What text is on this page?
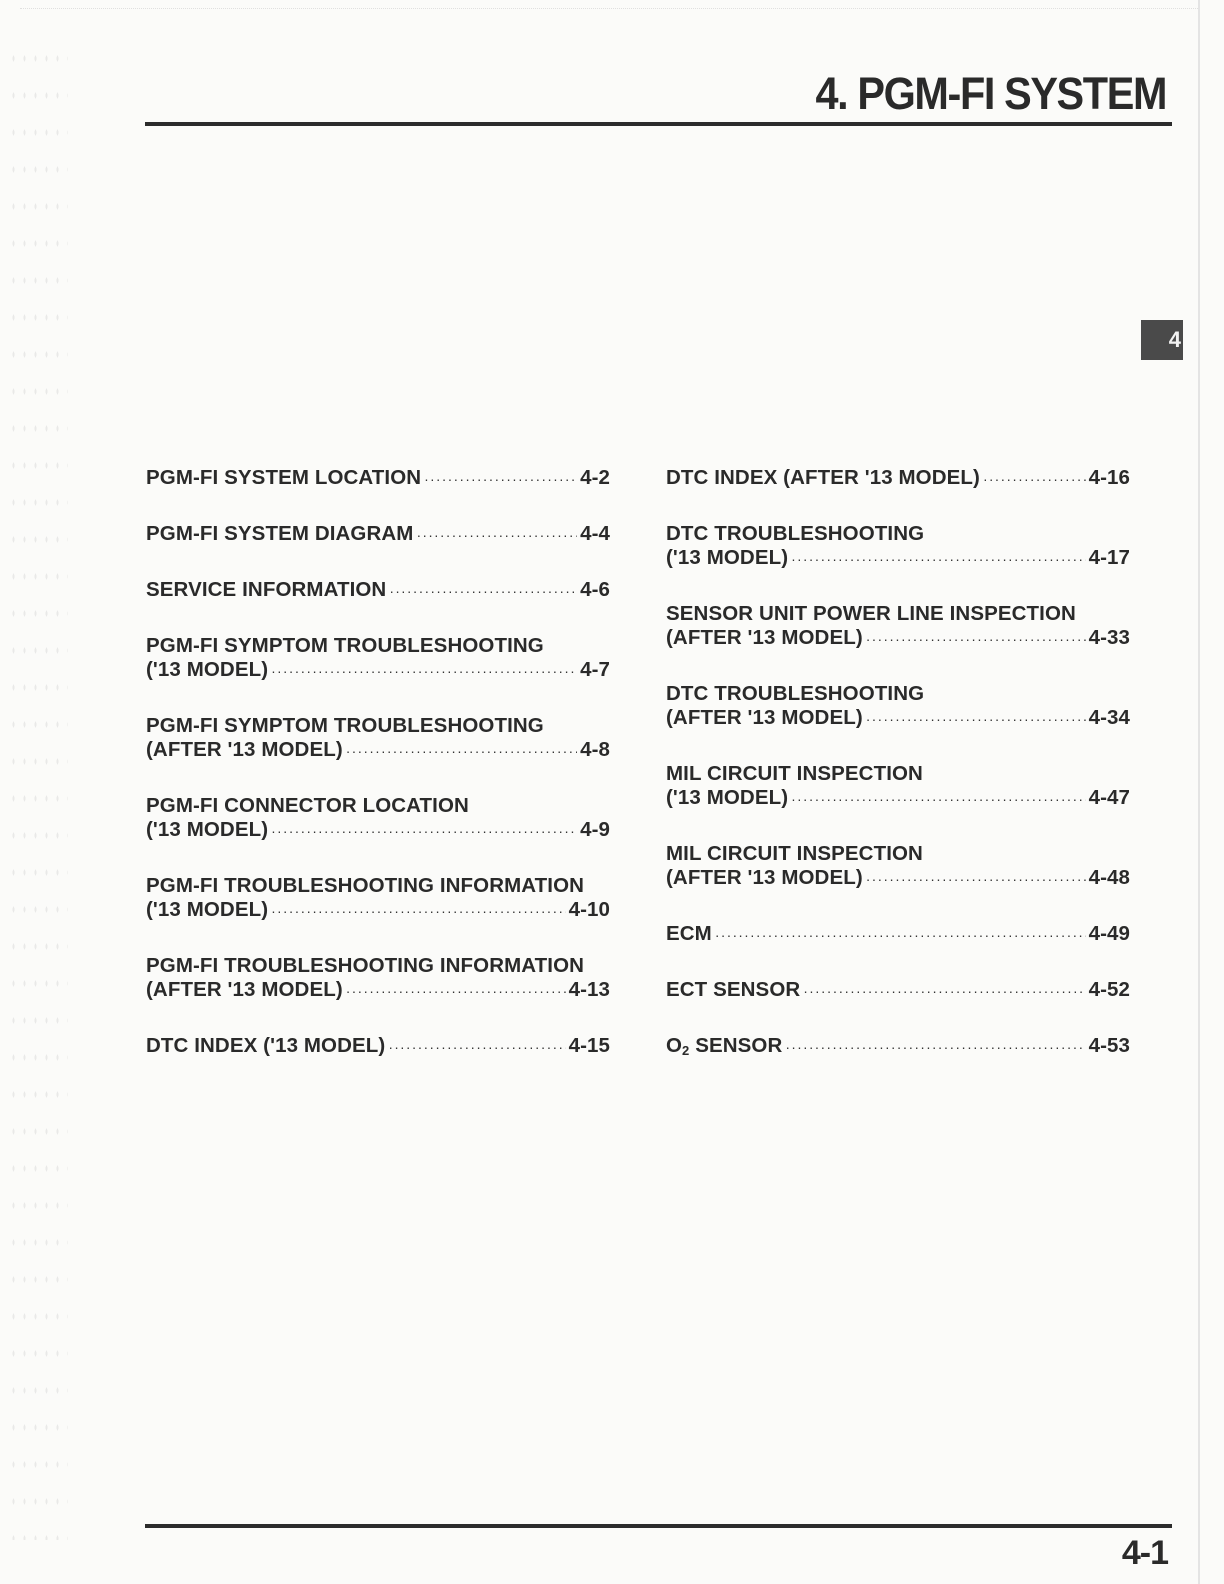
4. PGM-FI SYSTEM
4
PGM-FI SYSTEM LOCATION ·····	4-2
PGM-FI SYSTEM DIAGRAM ·····	4-4
SERVICE INFORMATION ·····	4-6
PGM-FI SYMPTOM TROUBLESHOOTING
('13 MODEL) ·····	4-7
PGM-FI SYMPTOM TROUBLESHOOTING
(AFTER '13 MODEL) ·····	4-8
PGM-FI CONNECTOR LOCATION
('13 MODEL) ·····	4-9
PGM-FI TROUBLESHOOTING INFORMATION
('13 MODEL) ·····	4-10
PGM-FI TROUBLESHOOTING INFORMATION
(AFTER '13 MODEL) ·····	4-13
DTC INDEX ('13 MODEL) ·····	4-15
DTC INDEX (AFTER '13 MODEL) ·····	4-16
DTC TROUBLESHOOTING
('13 MODEL) ·····	4-17
SENSOR UNIT POWER LINE INSPECTION
(AFTER '13 MODEL) ·····	4-33
DTC TROUBLESHOOTING
(AFTER '13 MODEL) ·····	4-34
MIL CIRCUIT INSPECTION
('13 MODEL) ·····	4-47
MIL CIRCUIT INSPECTION
(AFTER '13 MODEL) ·····	4-48
ECM ·····	4-49
ECT SENSOR ·····	4-52
$O_2$ SENSOR ·····	4-53

4-1
